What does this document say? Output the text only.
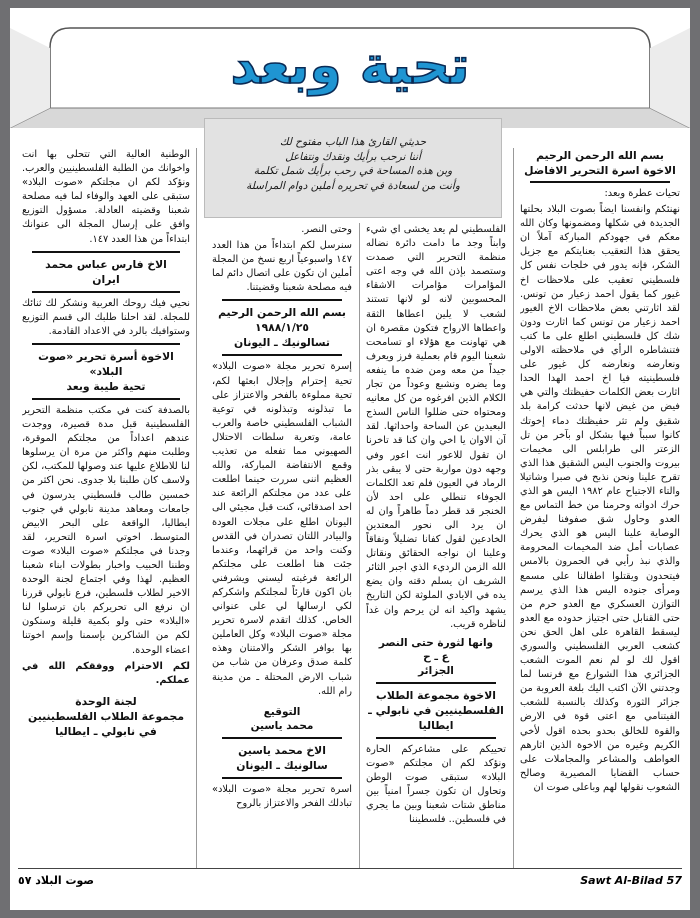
تحية وبعد
بسم الله الرحمن الرحيم
الاخوة اسرة التحرير الافاضل

تحيات عطرة وبعد:

نهنئكم وانفسنا ايضاً بصوت البلاد بحلتها الجديدة في شكلها ومضمونها وكان الله معكم في جهودكم المباركة آملاً ان يحقق هذا التعقيب بعنايتكم مع جزيل الشكر، فإنه يدور في خلجات نفس كل فلسطيني تعقيب على ملاحظات اخ غيور كما يقول احمد زعيار من تونس. لقد اثارتني بعض ملاحظات الاخ الغيور احمد زعيار من تونس كما اثارت ودون شك كل فلسطيني اطلع على ما كتب فتنشاطره الرأي في ملاحظته الاولى ونعارضه ونعارضه كل غيور على فلسطينيته فيا اخ احمد الهدا الحدا اثارت بعض الكلمات حفيظتك والتي هي فيض من غيض لانها حدثت كرامة بلد شقيق ولم تثر حفيظتك دماء إخوتك كانوا سبباً فيها بشكل او بآخر من تل الزعتر الى طرابلس الى مخيمات بيروت والجنوب اليس الشقيق هذا الذي تقرح علينا ونحن نذبح في صبرا وشاتيلا والتاء الاجتياح عام ١٩٨٢ اليس هو الذي حرك ادواته وحرمنا من خط التماس مع العدو وحاول شق صفوفنا ليفرض الوصاية علينا اليس هو الذي يحرك عصابات أمل ضد المخيمات المحرومة والذي نبذ رأيي في الحمرون بالامس فيتحدون ويقتلوا اطفالنا على مسمع ومرأى جنوده اليس هذا الذي يرسم التوازن العسكري مع العدو حرم من حتى القنابل حتى اجتياز حدوده مع العدو ليسقط القاهرة على اهل الحق نحن كشعب العربي الفلسطيني والسوري اقول لك لو لم نعم الموت الشعب الجزائري هذا الشوارع مع فرنسا لما وجدتني الآن اكتب اليك بلغة العروبة من جزائر الثورة وكذلك بالنسبة للشعب الفيتنامي مع اعتى قوة في الارض والقوة للخالق بحدو بحده اقول لأخي الكريم وغيره من الاخوة الذين اثارهم العواطف والمشاعر والمجاملات على حساب القضايا المصيرية وصالح الشعوب نقولها لهم وباعلى صوت ان

حديثي القارئ هذا الباب مفتوح لك
أننا نرحب برأيك ونقدك ونتفاعل
وبن هذه المساحة في رحب برأيك شمل تكلمة
وأنت من لسعادة في تحريره أملين دوام المراسلة

الفلسطيني لم يعد يخشى اي شيء وابناً وجد ما دامت دائرة نضاله منظمة التحرير التي صمدت وستصمد بإذن الله في وجه اعتى المؤامرات مؤامرات الاشقاء المحسوبين لانه لو لانها تستند لشعب لا يلين اعطاها الثقة واعطاها الارواح فتكون مقصرة ان هي تهاونت مع هؤلاء او تسامحت شعبنا اليوم قام بعملية فرز ويعرف جيداً من معه ومن ضده ما ينفعه وما يضره ونشبع وعوداً من تجار الكلام الذين افرغوه من كل معانيه ومحتواه حتى ضللوا الناس السذج البعيدين عن الساحة واحداثها. لقد آن الاوان يا اخي وان كنا قد تاخرنا ان تقول للاعور انت اعور وفي وجهه دون مواربة حتى لا يبقى بذر الرماد في العيون فلم تعد الكلمات الجوفاء تنطلي على احد لأن الخنجر قد قطر دماً طاهراً وان له ان يرد الى نحور المعتدين الخادعين لقول كفانا تضليلاً ونفاقاً وعلينا ان نواجه الحقائق ونقاتل الله الزمن الرديء الذي اجبر الثائر الشريف ان يسلم دقته وان يضع يده في الايادي الملوثة لكن التاريخ يشهد واكيد انه لن يرحم وان غداً لناظره قريب.

وانها لثورة حتى النصر
ع ـ ح
الجزائر
الاخوة مجموعة الطلاب الفلسطينيين في نابولي ـ ايطاليا

تحييكم على مشاعركم الحارة ونؤكد لكم ان مجلتكم «صوت البلاد» ستبقى صوت الوطن وتحاول ان تكون جسراً امنياً بين مناطق شتات شعبنا وبين ما يجري في فلسطين.. فلسطيننا

وحتى النصر.

سنرسل لكم ابتداءاً من هذا العدد ١٤٧ واسبوعياً اربع نسخ من المجلة أملين ان تكون على اتصال دائم لما فيه مصلحة شعبنا وقضيتنا.

بسم الله الرحمن الرحيم
١٩٨٨/١/٢٥
تسالونيك ـ اليونان

إسرة تحرير مجلة «صوت البلاد» تحية إحترام وإجلال ابعثها لكم، تحية مملوءة بالفخر والاعتزاز على ما تبذلونه وتبذلونه في توعية الشباب الفلسطيني خاصة والعرب عامة، وتعرية سلطات الاحتلال الصهيوني مما تفعله من تعذيب وقمع الانتفاضة المباركة، والله العظيم اننى سررت حينما اطلعت على عدد من مجلتكم الرائعة عند احد اصدقائي، كنت قبل مجيئي الى اليونان اطلع على مجلات العودة والبيادر اللتان تصدران في القدس وكنت واحد من قرائهما، وعندما جئت هنا اطلعت على مجلتكم الرائعة فرغبته ليسني ويشرفني بان اكون قارئاً لمجلتكم واشكركم لكي ارسالها لي على عنواني الخاص. كذلك اتقدم لاسرة تحرير مجلة «صوت البلاد» وكل العاملين بها بوافر الشكر والامتنان وهذه كلمة صدق وعرفان من شاب من شباب الارض المحتلة ـ من مدينة رام الله.

التوقيع
محمد ياسين
الاخ محمد ياسين
سالونيك ـ اليونان

اسرة تحرير مجلة «صوت البلاد» تبادلك الفخر والاعتزاز بالروح

الوطنية العالية التي تتحلى بها انت واخوانك من الطلبة الفلسطينيين والعرب. ونؤكد لكم ان مجلتكم «صوت البلاد» ستبقى على العهد والوفاء لما فيه مصلحة شعبنا وقضيته العادلة. مسؤول التوزيع وافق على إرسال المجلة الى عنوانك ابتداءاً من هذا العدد ١٤٧.

الاخ فارس عباس محمد
ايران

نحيي فيك روحك العربية ونشكر لك ثنائك للمجلة. لقد احلنا طلبك الى قسم التوزيع وستوافيك بالرد في الاعداد القادمة.

الاخوة أسرة تحرير «صوت البلاد»
تحية طيبة وبعد

بالصدفة كنت في مكتب منظمة التحرير الفلسطينية قبل مدة قصيرة، ووجدت عندهم اعداداً من مجلتكم الموقرة، وطلبت منهم واكثر من مرة ان يرسلوها لنا للاطلاع عليها عند وصولها للمكتب، لكن ولاسف كان طلبنا بلا جدوى. نحن اكثر من خمسين طالب فلسطيني يدرسون في جامعات ومعاهد مدينة نابولي في جنوب ايطاليا، الواقعة على البحر الابيض المتوسط. اخوتي اسرة التحرير، لقد وجدنا في مجلتكم «صوت البلاد» صوت وطننا الحبيب واخبار بطولات ابناء شعبنا العظيم. لهذا وفي اجتماع لجنة الوحدة الاخير لطلاب فلسطين، فرع نابولي قررنا ان نرفع الى تحريركم بان ترسلوا لنا «البلاد» حتى ولو بكمية قليلة وسنكون لكم من الشاكرين بإسمنا وإسم اخوتنا اعضاء الوحدة.

لكم الاحترام ووفقكم الله في عملكم.

لجنة الوحدة
مجموعة الطلاب الفلسطينيين في نابولي ـ ايطاليا
صوت البلاد ٥٧	Sawt Al-Bilad 57
